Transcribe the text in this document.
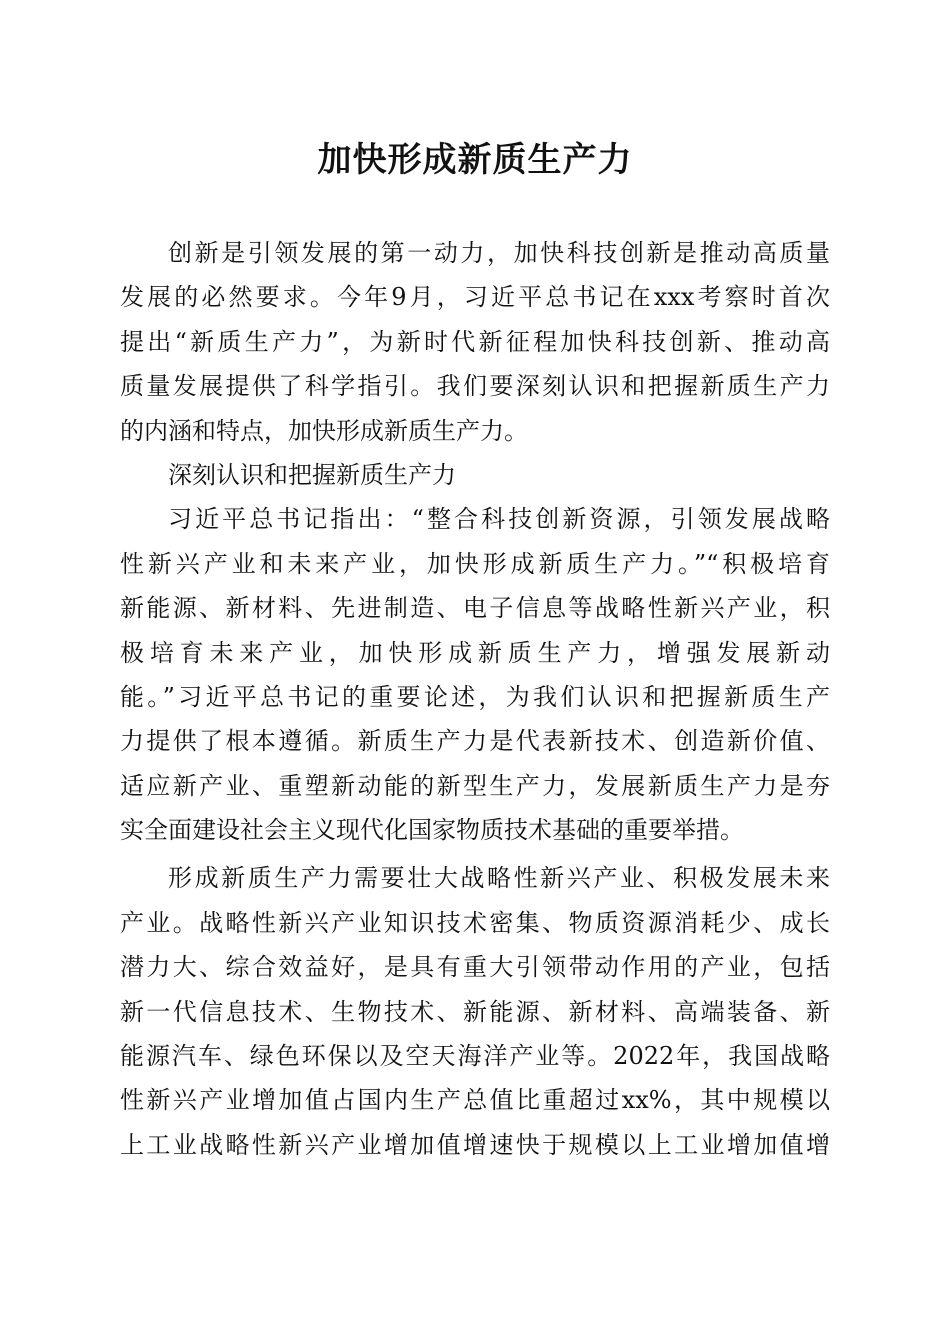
加快形成新质生产力
创新是引领发展的第一动力，加快科技创新是推动高质量
发展的必然要求。今年9月，习近平总书记在xxx考察时首次
提出“新质生产力”，为新时代新征程加快科技创新、推动高
质量发展提供了科学指引。我们要深刻认识和把握新质生产力
的内涵和特点，加快形成新质生产力。
深刻认识和把握新质生产力
习近平总书记指出：“整合科技创新资源，引领发展战略
性新兴产业和未来产业，加快形成新质生产力。”“积极培育
新能源、新材料、先进制造、电子信息等战略性新兴产业，积
极培育未来产业，加快形成新质生产力，增强发展新动
能。”习近平总书记的重要论述，为我们认识和把握新质生产
力提供了根本遵循。新质生产力是代表新技术、创造新价值、
适应新产业、重塑新动能的新型生产力，发展新质生产力是夯
实全面建设社会主义现代化国家物质技术基础的重要举措。
形成新质生产力需要壮大战略性新兴产业、积极发展未来
产业。战略性新兴产业知识技术密集、物质资源消耗少、成长
潜力大、综合效益好，是具有重大引领带动作用的产业，包括
新一代信息技术、生物技术、新能源、新材料、高端装备、新
能源汽车、绿色环保以及空天海洋产业等。2022年，我国战略
性新兴产业增加值占国内生产总值比重超过xx%，其中规模以
上工业战略性新兴产业增加值增速快于规模以上工业增加值增
